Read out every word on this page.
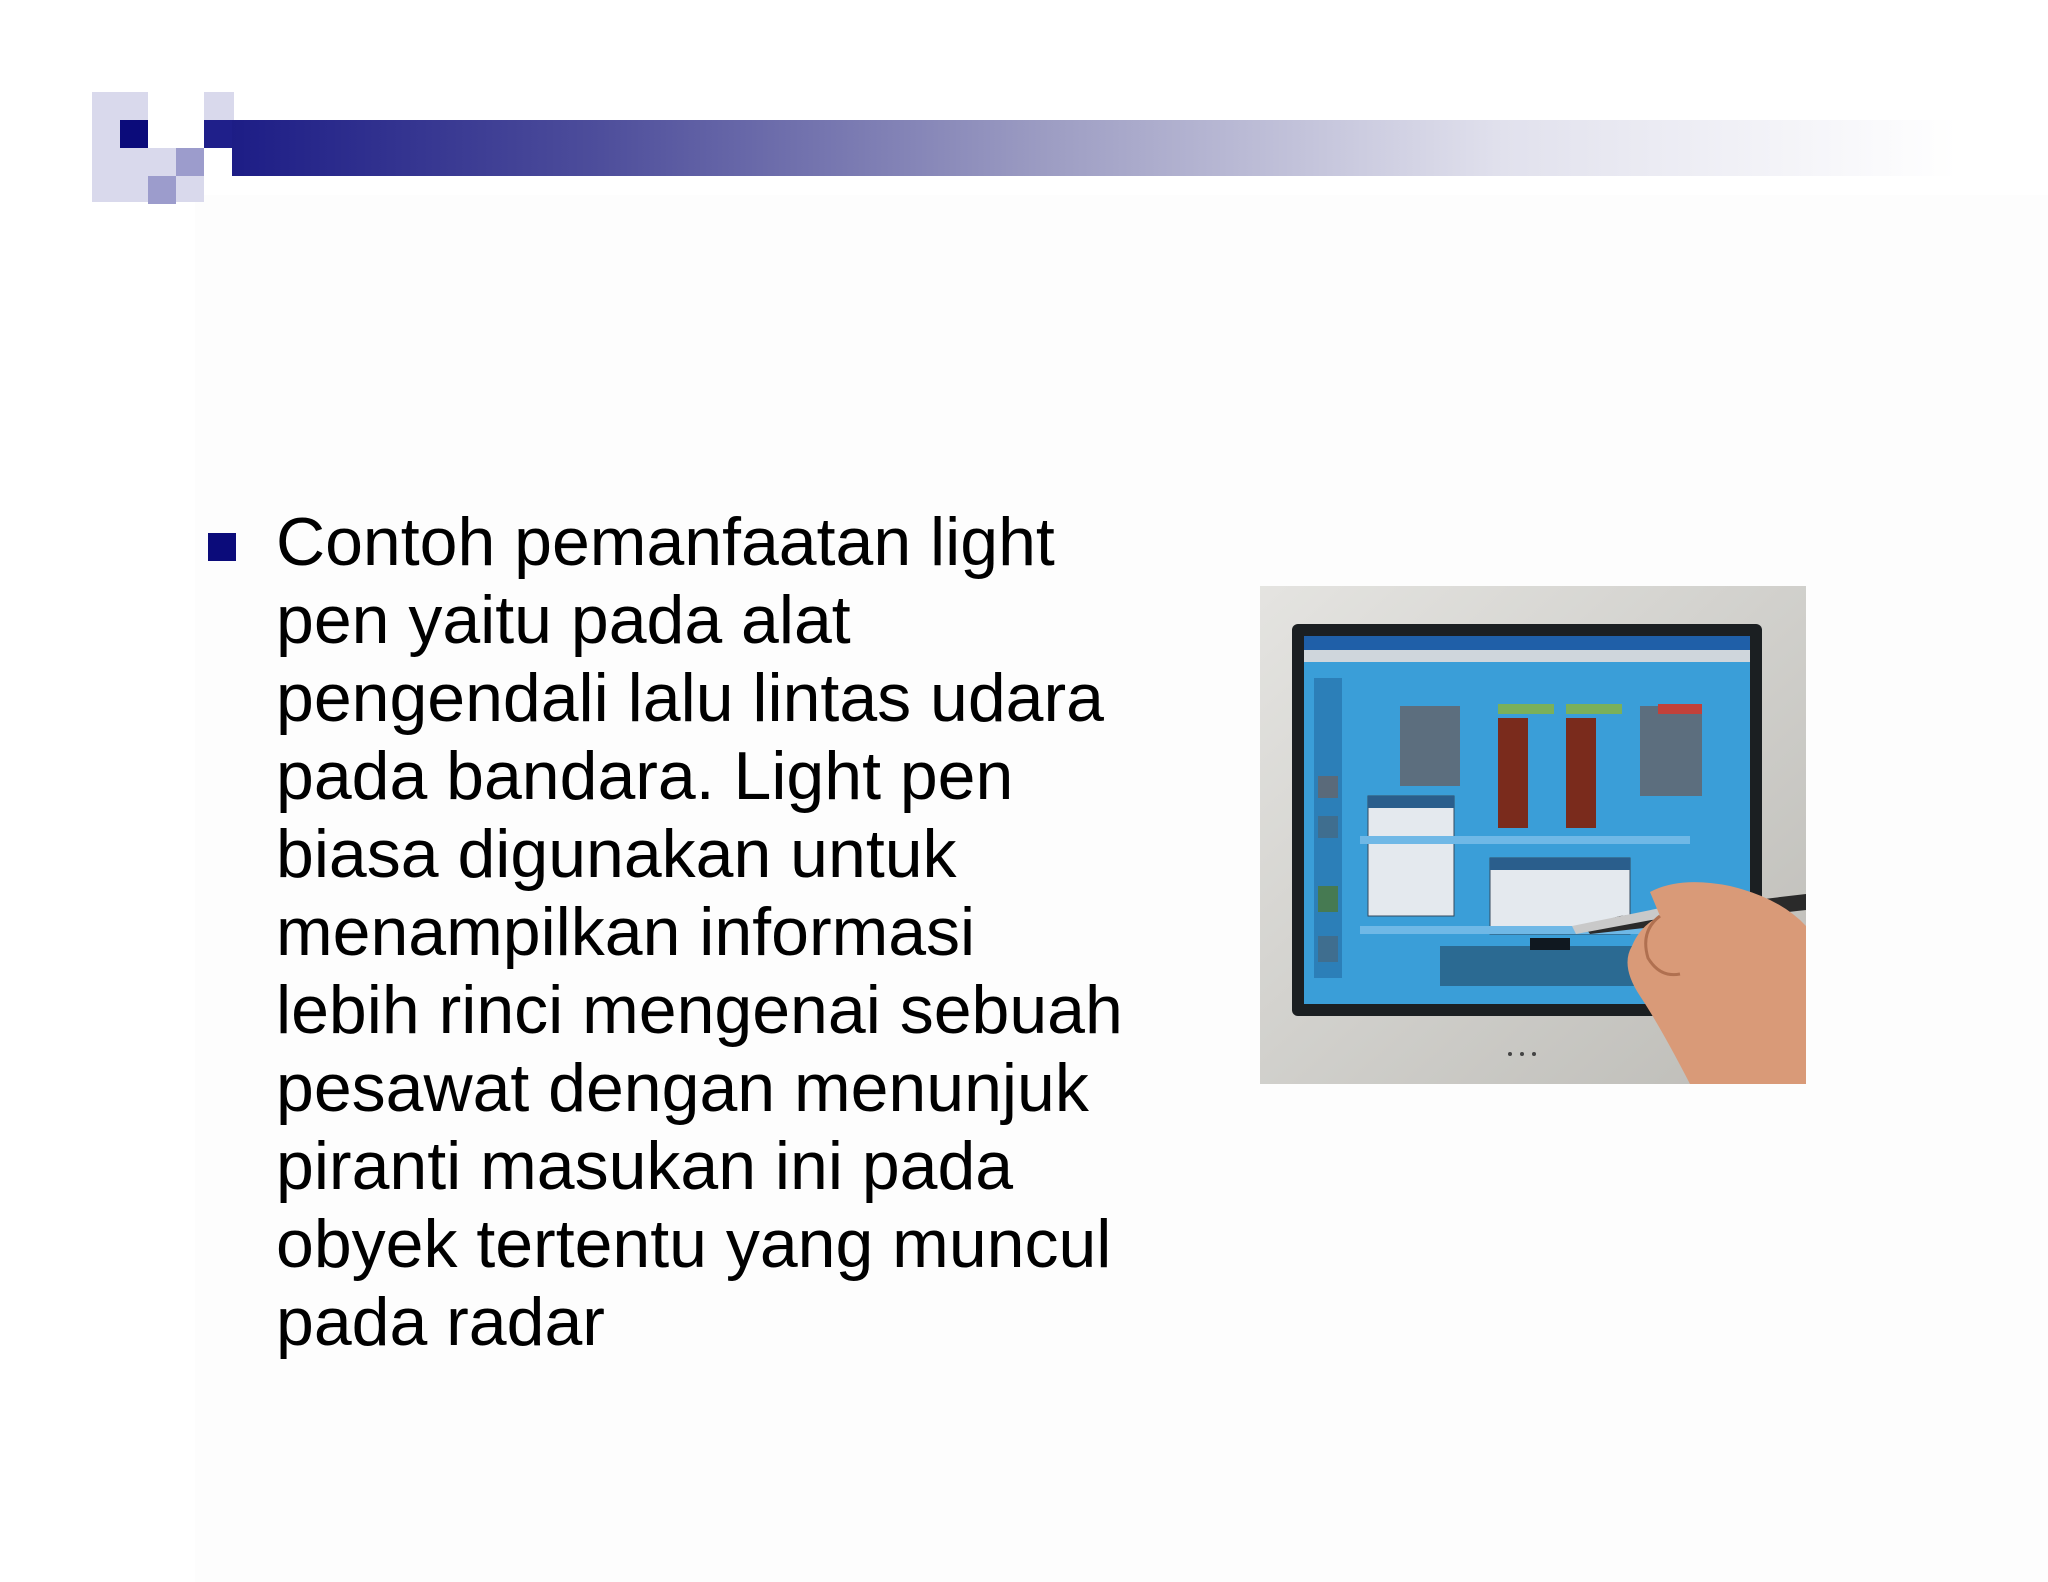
Contoh pemanfaatan light
pen yaitu pada alat
pengendali lalu lintas udara
pada bandara. Light pen
biasa digunakan untuk
menampilkan informasi
lebih rinci mengenai sebuah
pesawat dengan menunjuk
piranti masukan ini pada
obyek tertentu yang muncul
pada radar
